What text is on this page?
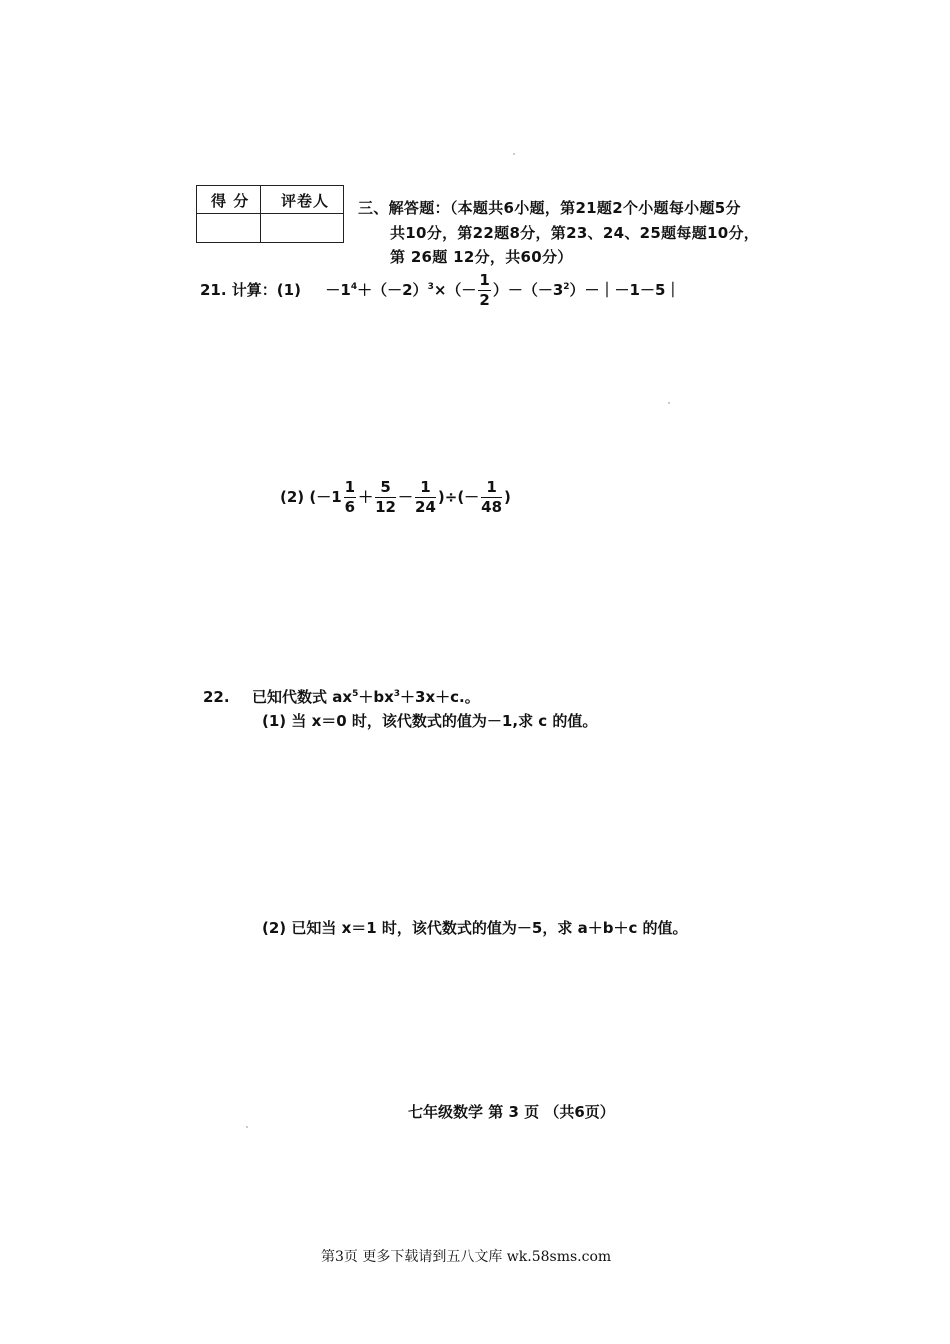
得 分 评卷人 三、解答题：（本题共6小题，第21题2个小题每小题5分
共10分，第22题8分，第23、24、25题每题10分，
第 26题 12分，共60分）
21. 计算：$(1) -1^4+(-2)^3\times(- \frac{1}{2}$ ）$-(-3^2)-|-1-5|$
(2) ($-1 \frac{1}{6} + \frac{5}{12} - \frac{1}{24}$ )÷(－ $\frac{1}{48}$ )
22. 已知代数式 $ax^5+bx^3+3x+c$.。
(1) 当 x＝0 时，该代数式的值为－1,求 c 的值。
(2) 已知当 x＝1 时，该代数式的值为－5，求 a＋b＋c 的值。
七年级数学 第 3 页 （共6页）
第3页 更多下载请到五八文库 wk.58sms.com
